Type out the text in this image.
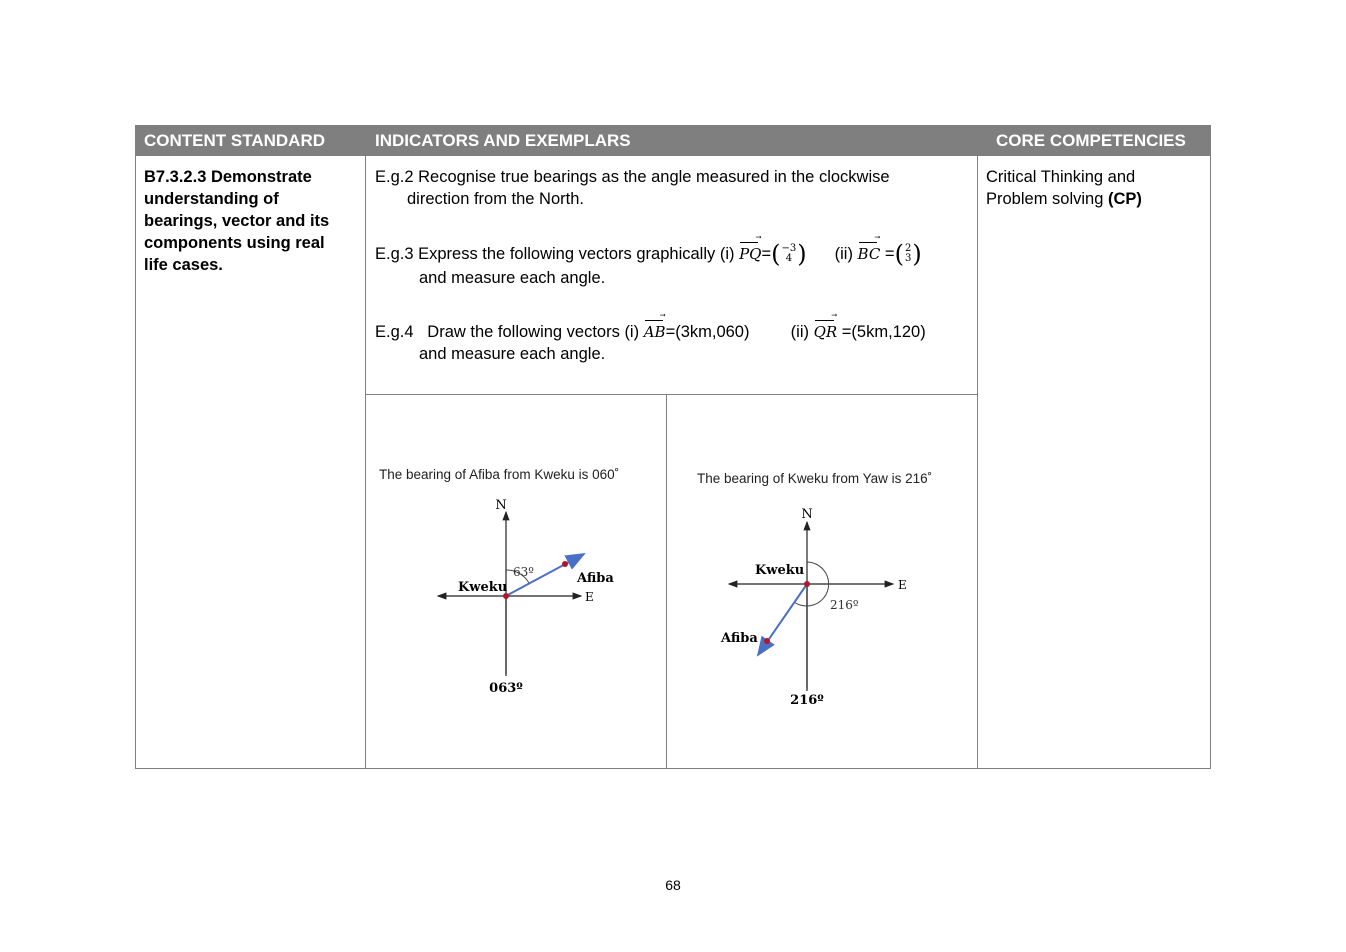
CONTENT STANDARD	INDICATORS AND EXEMPLARS	CORE COMPETENCIES
B7.3.2.3 Demonstrate
understanding of
bearings, vector and its
components using real
life cases.
E.g.2 Recognise true bearings as the angle measured in the clockwise
direction from the North.
E.g.3 Express the following vectors graphically (i)
PQ = ( −3
4 ) (ii)
BC = ( 2
3 )
and measure each angle.
E.g.4   Draw the following vectors (i) AB=(3km,060) (ii) QR =(5km,120)
and measure each angle.
Critical Thinking and
Problem solving (CP)
The bearing of Afiba from Kweku is 060˚
N
E
63º
Kweku
Afiba
063º
The bearing of Kweku from Yaw is 216˚
N
E
216º
Kweku
Afiba
216º
68
